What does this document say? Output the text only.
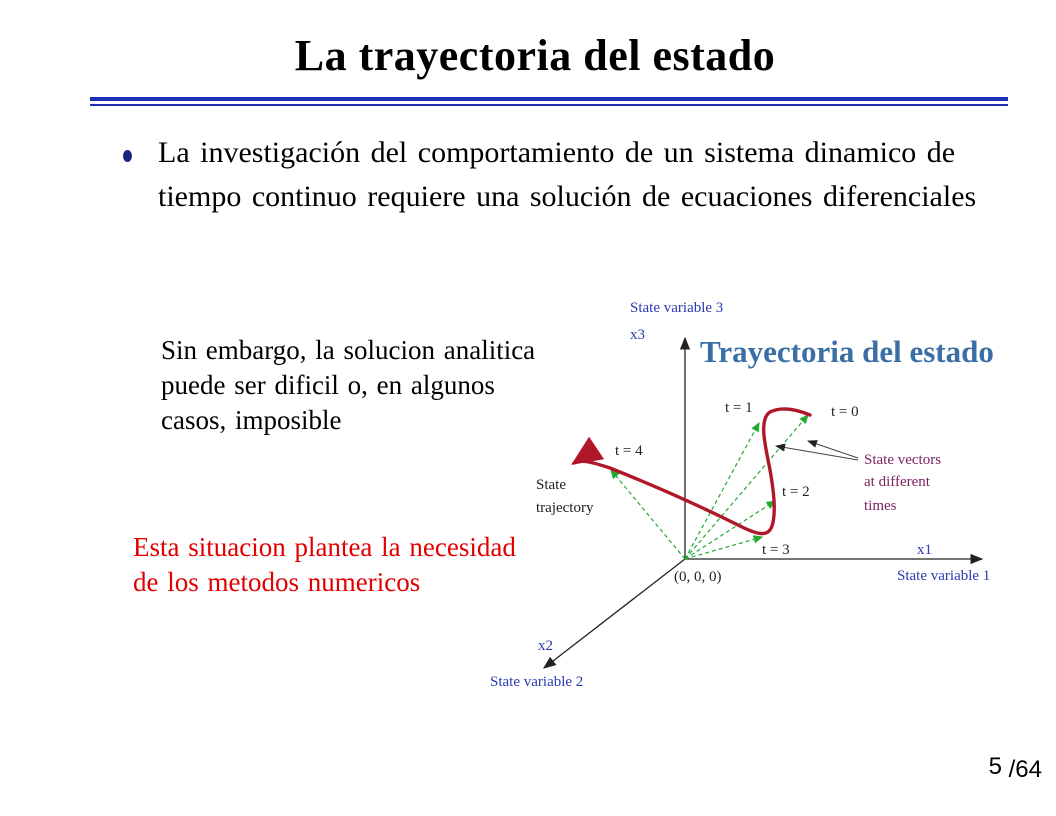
La trayectoria del estado
La investigación del comportamiento de un sistema dinamico de tiempo continuo requiere una solución de ecuaciones diferenciales
Sin embargo, la solucion analitica puede ser dificil o, en algunos casos, imposible
Esta situacion plantea la necesidad de los metodos numericos
Trayectoria del estado
State variable 3
x3
x1
State variable 1
x2
State variable 2
(0, 0, 0)
t = 0
t = 1
t = 2
t = 3
t = 4
State
trajectory
State vectors
at different
times
5 /64
